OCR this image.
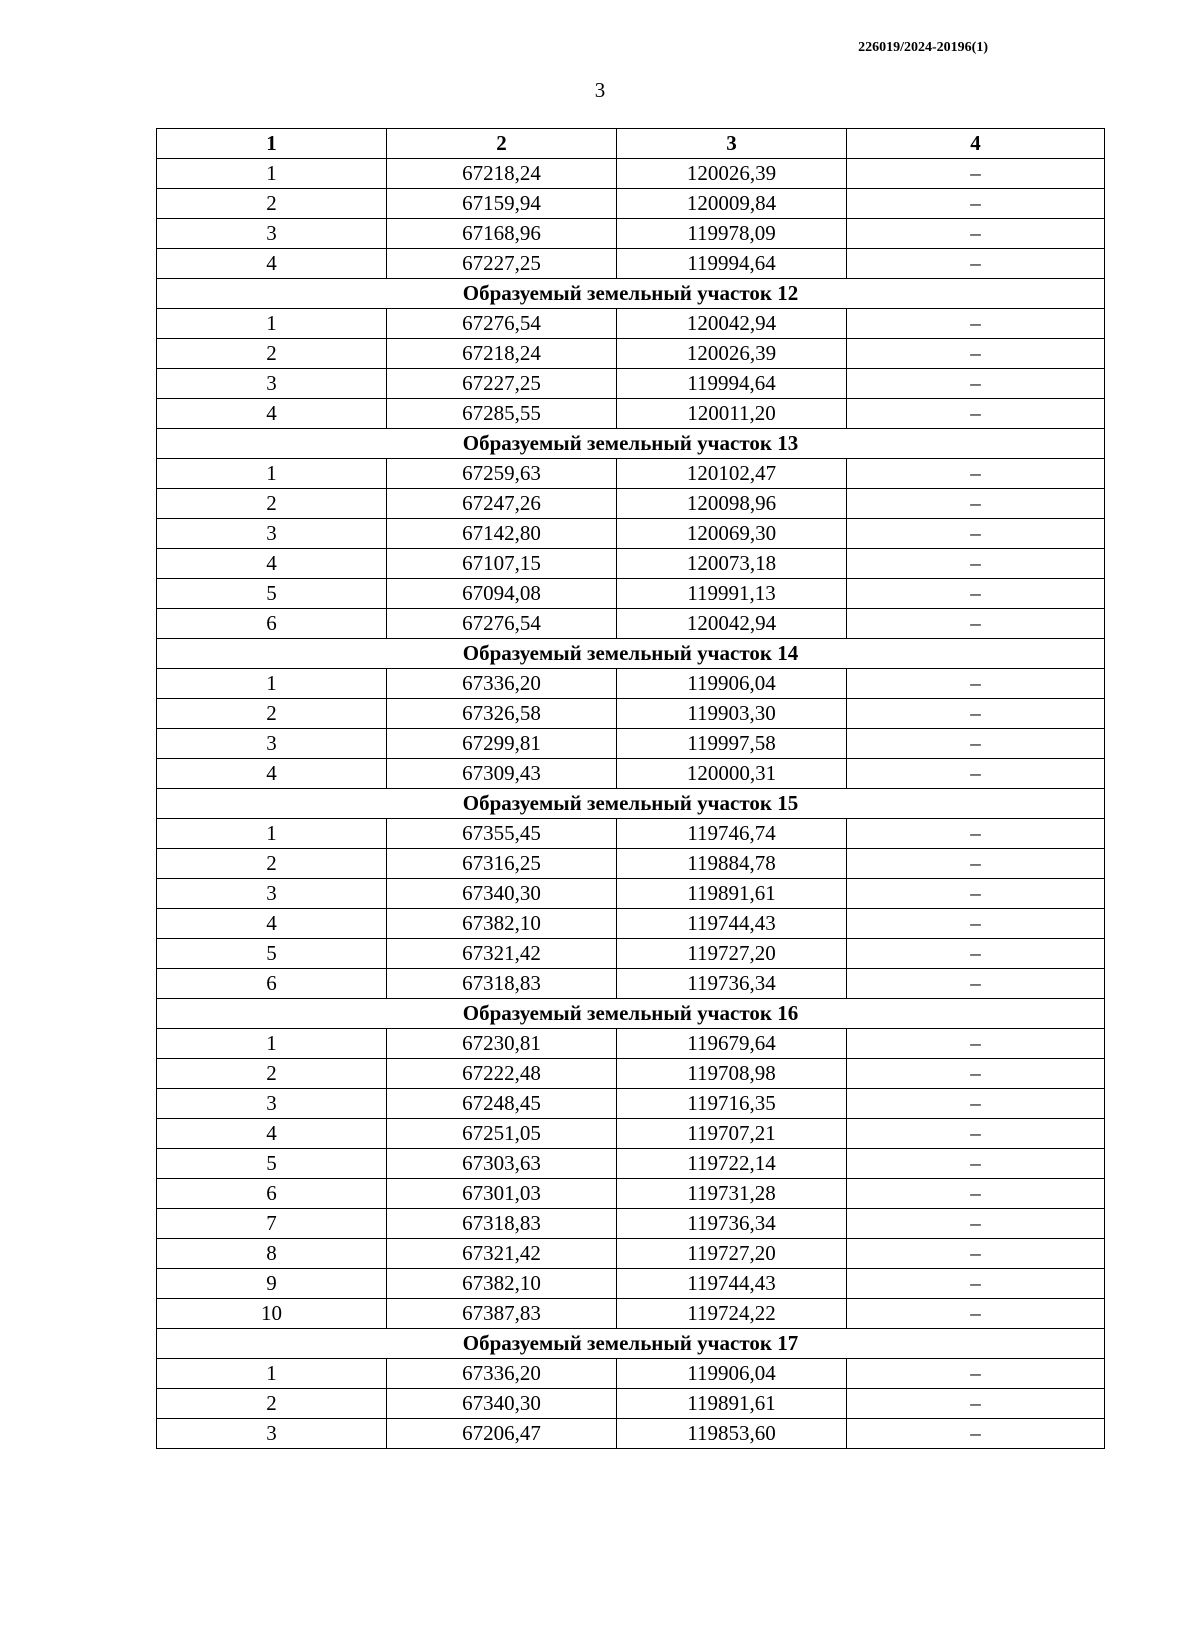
226019/2024-20196(1)
3
1	2	3	4
1	67218,24	120026,39	–
2	67159,94	120009,84	–
3	67168,96	119978,09	–
4	67227,25	119994,64	–
Образуемый земельный участок 12			
1	67276,54	120042,94	–
2	67218,24	120026,39	–
3	67227,25	119994,64	–
4	67285,55	120011,20	–
Образуемый земельный участок 13			
1	67259,63	120102,47	–
2	67247,26	120098,96	–
3	67142,80	120069,30	–
4	67107,15	120073,18	–
5	67094,08	119991,13	–
6	67276,54	120042,94	–
Образуемый земельный участок 14			
1	67336,20	119906,04	–
2	67326,58	119903,30	–
3	67299,81	119997,58	–
4	67309,43	120000,31	–
Образуемый земельный участок 15			
1	67355,45	119746,74	–
2	67316,25	119884,78	–
3	67340,30	119891,61	–
4	67382,10	119744,43	–
5	67321,42	119727,20	–
6	67318,83	119736,34	–
Образуемый земельный участок 16			
1	67230,81	119679,64	–
2	67222,48	119708,98	–
3	67248,45	119716,35	–
4	67251,05	119707,21	–
5	67303,63	119722,14	–
6	67301,03	119731,28	–
7	67318,83	119736,34	–
8	67321,42	119727,20	–
9	67382,10	119744,43	–
10	67387,83	119724,22	–
Образуемый земельный участок 17			
1	67336,20	119906,04	–
2	67340,30	119891,61	–
3	67206,47	119853,60	–
